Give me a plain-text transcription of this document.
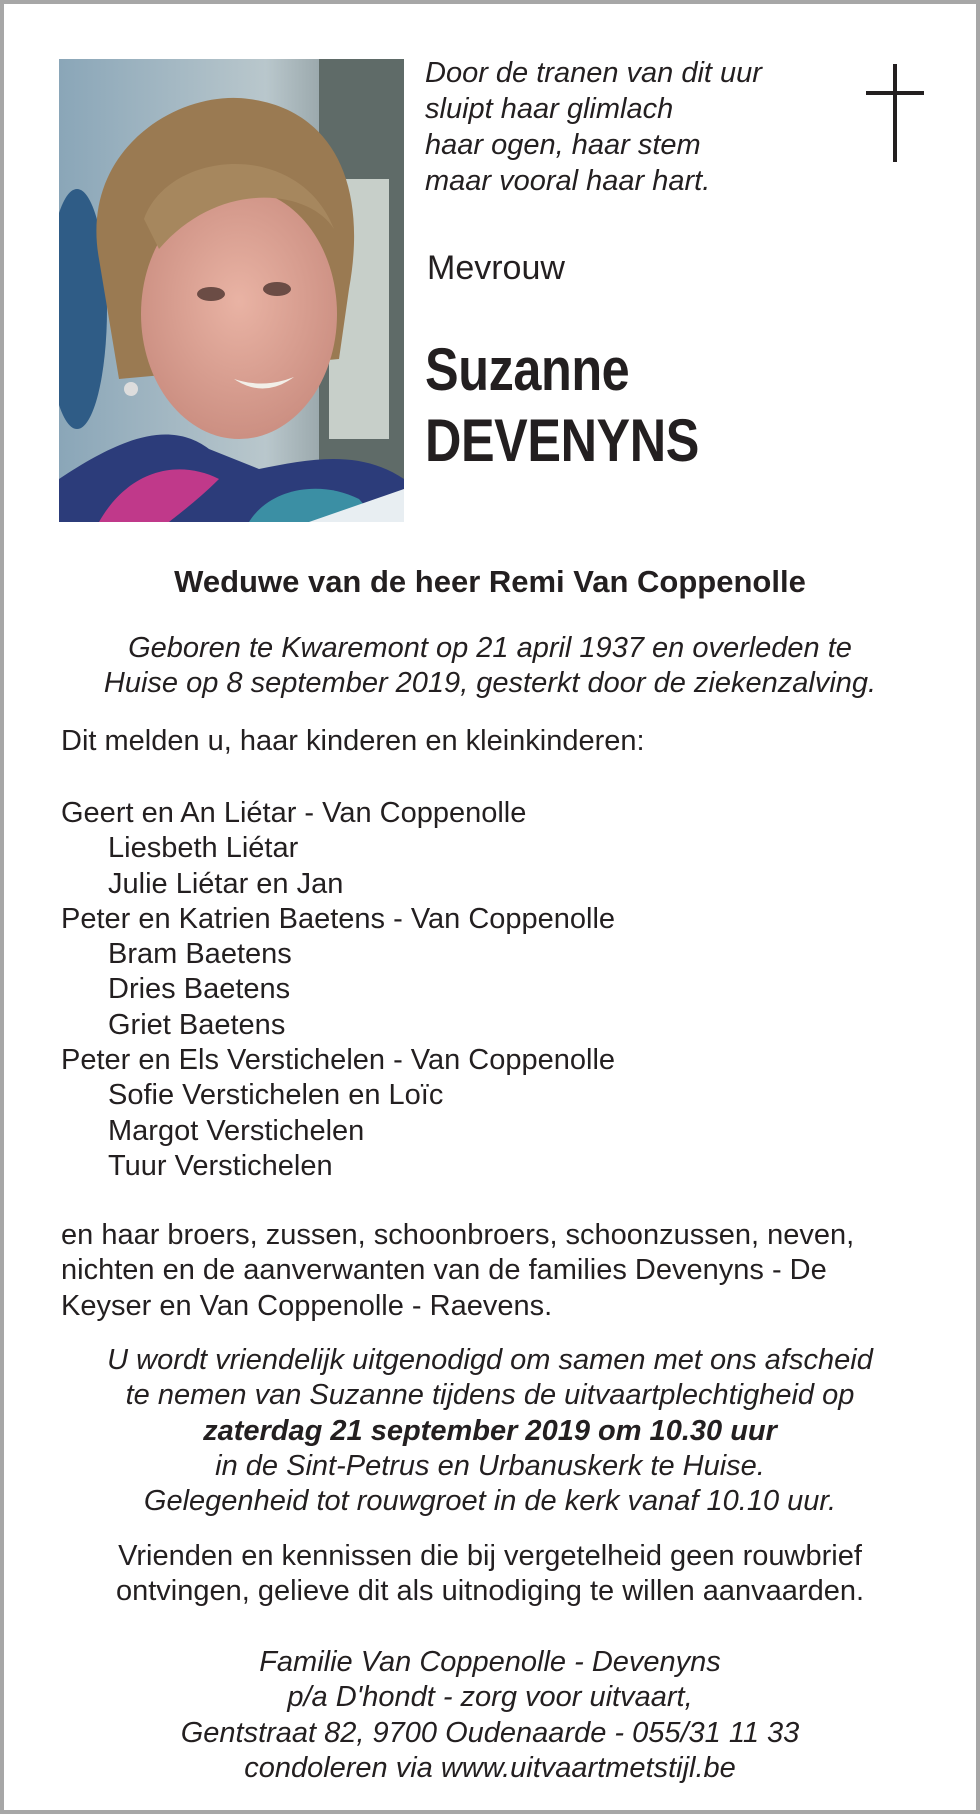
Door de tranen van dit uur
sluipt haar glimlach
haar ogen, haar stem
maar vooral haar hart.
Mevrouw
Suzanne
DEVENYNS
Weduwe van de heer Remi Van Coppenolle
Geboren te Kwaremont op 21 april 1937 en overleden te
Huise op 8 september 2019, gesterkt door de ziekenzalving.
Dit melden u, haar kinderen en kleinkinderen:
Geert en An Liétar - Van Coppenolle
Liesbeth Liétar
Julie Liétar en Jan
Peter en Katrien Baetens - Van Coppenolle
Bram Baetens
Dries Baetens
Griet Baetens
Peter en Els Verstichelen - Van Coppenolle
Sofie Verstichelen en Loïc
Margot Verstichelen
Tuur Verstichelen
en haar broers, zussen, schoonbroers, schoonzussen, neven,
nichten en de aanverwanten van de families Devenyns - De
Keyser en Van Coppenolle - Raevens.
U wordt vriendelijk uitgenodigd om samen met ons afscheid
te nemen van Suzanne tijdens de uitvaartplechtigheid op
zaterdag 21 september 2019 om 10.30 uur
in de Sint-Petrus en Urbanuskerk te Huise.
Gelegenheid tot rouwgroet in de kerk vanaf 10.10 uur.
Vrienden en kennissen die bij vergetelheid geen rouwbrief
ontvingen, gelieve dit als uitnodiging te willen aanvaarden.
Familie Van Coppenolle - Devenyns
p/a D'hondt - zorg voor uitvaart,
Gentstraat 82, 9700 Oudenaarde - 055/31 11 33
condoleren via www.uitvaartmetstijl.be
